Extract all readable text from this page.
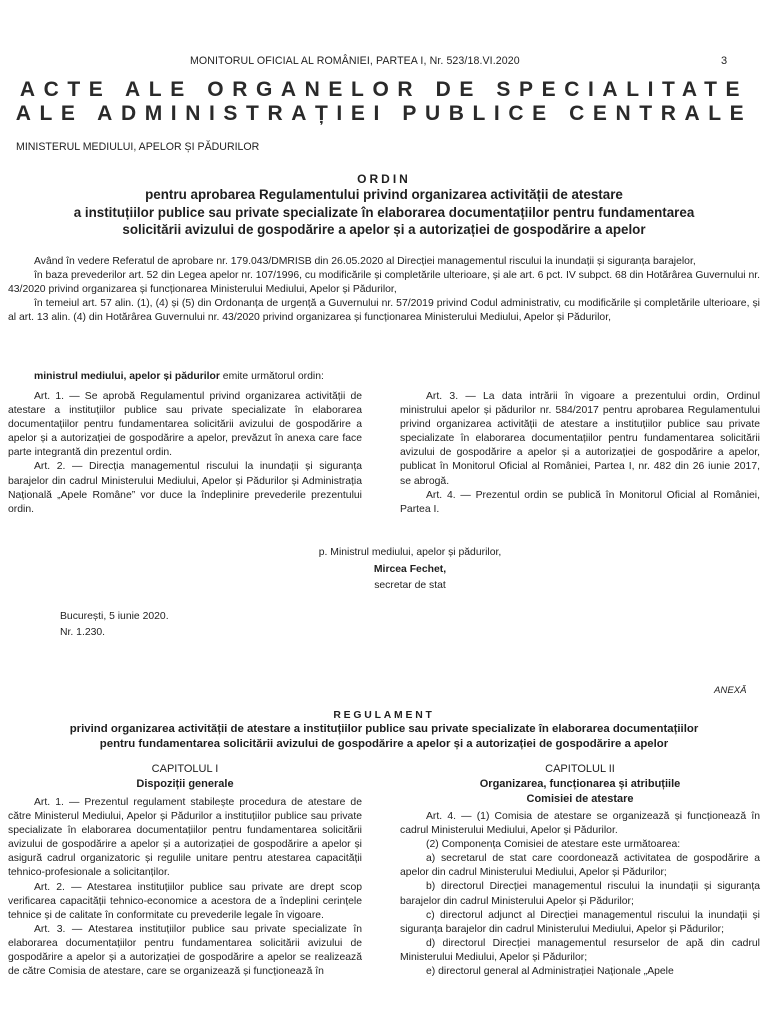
MONITORUL OFICIAL AL ROMÂNIEI, PARTEA I, Nr. 523/18.VI.2020	3
ACTE ALE ORGANELOR DE SPECIALITATE
ALE ADMINISTRAȚIEI PUBLICE CENTRALE
MINISTERUL MEDIULUI, APELOR ȘI PĂDURILOR
ORDIN
pentru aprobarea Regulamentului privind organizarea activității de atestare
a instituțiilor publice sau private specializate în elaborarea documentațiilor pentru fundamentarea
solicitării avizului de gospodărire a apelor și a autorizației de gospodărire a apelor

Având în vedere Referatul de aprobare nr. 179.043/DMRISB din 26.05.2020 al Direcției managementul riscului la inundații și siguranța barajelor,

în baza prevederilor art. 52 din Legea apelor nr. 107/1996, cu modificările și completările ulterioare, și ale art. 6 pct. IV subpct. 68 din Hotărârea Guvernului nr. 43/2020 privind organizarea și funcționarea Ministerului Mediului, Apelor și Pădurilor,

în temeiul art. 57 alin. (1), (4) și (5) din Ordonanța de urgență a Guvernului nr. 57/2019 privind Codul administrativ, cu modificările și completările ulterioare, și al art. 13 alin. (4) din Hotărârea Guvernului nr. 43/2020 privind organizarea și funcționarea Ministerului Mediului, Apelor și Pădurilor,

ministrul mediului, apelor și pădurilor emite următorul ordin:

Art. 1. — Se aprobă Regulamentul privind organizarea activității de atestare a instituțiilor publice sau private specializate în elaborarea documentațiilor pentru fundamentarea solicitării avizului de gospodărire a apelor și a autorizației de gospodărire a apelor, prevăzut în anexa care face parte integrantă din prezentul ordin.

Art. 2. — Direcția managementul riscului la inundații și siguranța barajelor din cadrul Ministerului Mediului, Apelor și Pădurilor și Administrația Națională „Apele Române” vor duce la îndeplinire prevederile prezentului ordin.

Art. 3. — La data intrării în vigoare a prezentului ordin, Ordinul ministrului apelor și pădurilor nr. 584/2017 pentru aprobarea Regulamentului privind organizarea activității de atestare a instituțiilor publice sau private specializate în elaborarea documentațiilor pentru fundamentarea solicitării avizului de gospodărire a apelor și a autorizației de gospodărire a apelor, publicat în Monitorul Oficial al României, Partea I, nr. 482 din 26 iunie 2017, se abrogă.

Art. 4. — Prezentul ordin se publică în Monitorul Oficial al României, Partea I.

p. Ministrul mediului, apelor și pădurilor,
Mircea Fechet,
secretar de stat
București, 5 iunie 2020.
Nr. 1.230.
ANEXĂ
REGULAMENT
privind organizarea activității de atestare a instituțiilor publice sau private specializate în elaborarea documentațiilor
pentru fundamentarea solicitării avizului de gospodărire a apelor și a autorizației de gospodărire a apelor
CAPITOLUL I
Dispoziții generale
CAPITOLUL II
Organizarea, funcționarea și atribuțiile
Comisiei de atestare

Art. 1. — Prezentul regulament stabilește procedura de atestare de către Ministerul Mediului, Apelor și Pădurilor a instituțiilor publice sau private specializate în elaborarea documentațiilor pentru fundamentarea solicitării avizului de gospodărire a apelor și a autorizației de gospodărire a apelor și asigură cadrul organizatoric și regulile unitare pentru atestarea capacității tehnico-profesionale a solicitanților.

Art. 2. — Atestarea instituțiilor publice sau private are drept scop verificarea capacității tehnico-economice a acestora de a îndeplini cerințele tehnice și de calitate în conformitate cu prevederile legale în vigoare.

Art. 3. — Atestarea instituțiilor publice sau private specializate în elaborarea documentațiilor pentru fundamentarea solicitării avizului de gospodărire a apelor și a autorizației de gospodărire a apelor se realizează de către Comisia de atestare, care se organizează și funcționează în

Art. 4. — (1) Comisia de atestare se organizează și funcționează în cadrul Ministerului Mediului, Apelor și Pădurilor.

(2) Componența Comisiei de atestare este următoarea:

a) secretarul de stat care coordonează activitatea de gospodărire a apelor din cadrul Ministerului Mediului, Apelor și Pădurilor;

b) directorul Direcției managementul riscului la inundații și siguranța barajelor din cadrul Ministerului Apelor și Pădurilor;

c) directorul adjunct al Direcției managementul riscului la inundații și siguranța barajelor din cadrul Ministerului Mediului, Apelor și Pădurilor;

d) directorul Direcției managementul resurselor de apă din cadrul Ministerului Mediului, Apelor și Pădurilor;

e) directorul general al Administrației Naționale „Apele
